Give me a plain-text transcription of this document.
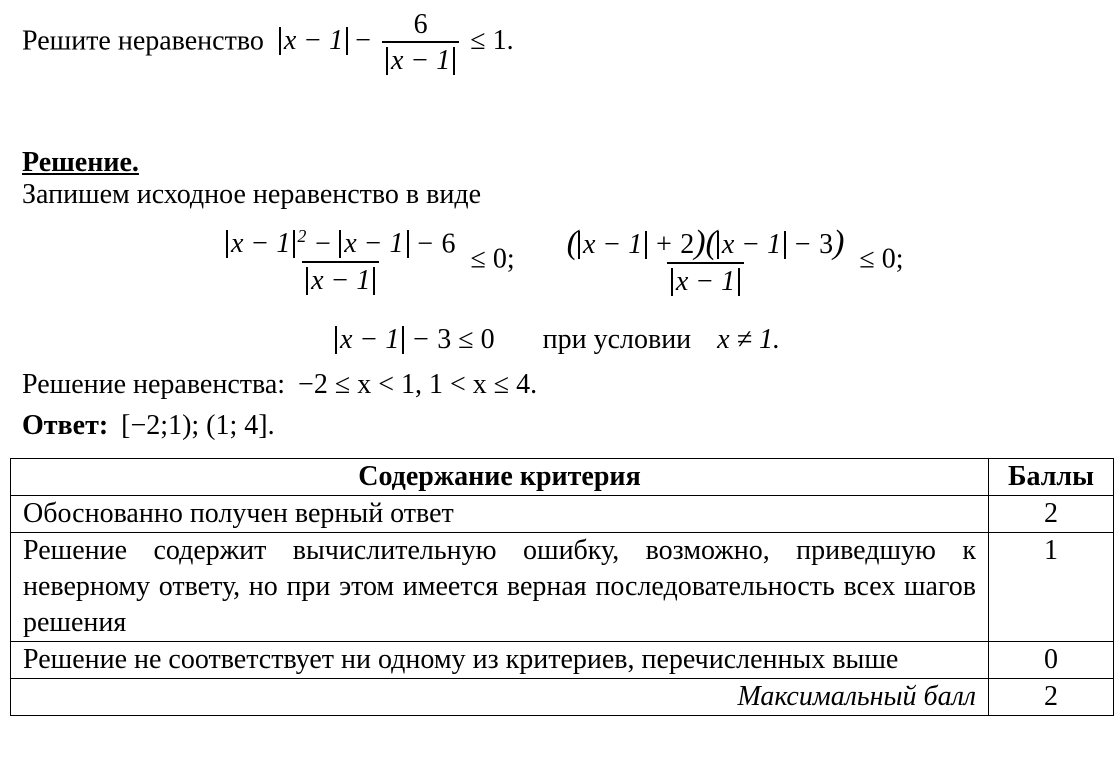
Решите неравенство $x - 1 - \frac{6}{x - 1} \le 1$.
Решение.
Запишем исходное неравенство в виде
$\frac{x - 1 ^2 - x - 1 - 6}{x - 1} \le 0$; $\frac{( x - 1 + 2)( x - 1 - 3)}{x - 1} \le 0$;
x − 1 − 3 ≤ 0 при условии x ≠ 1.
Решение неравенства: −2 ≤ x < 1, 1 < x ≤ 4.
Ответ: [−2;1); (1; 4].
Содержание критерия	Баллы
Обоснованно получен верный ответ	2
Решение содержит вычислительную ошибку, возможно, приведшую к неверному ответу, но при этом имеется верная последовательность всех шагов решения	1
Решение не соответствует ни одному из критериев, перечисленных выше	0
Максимальный балл	2
